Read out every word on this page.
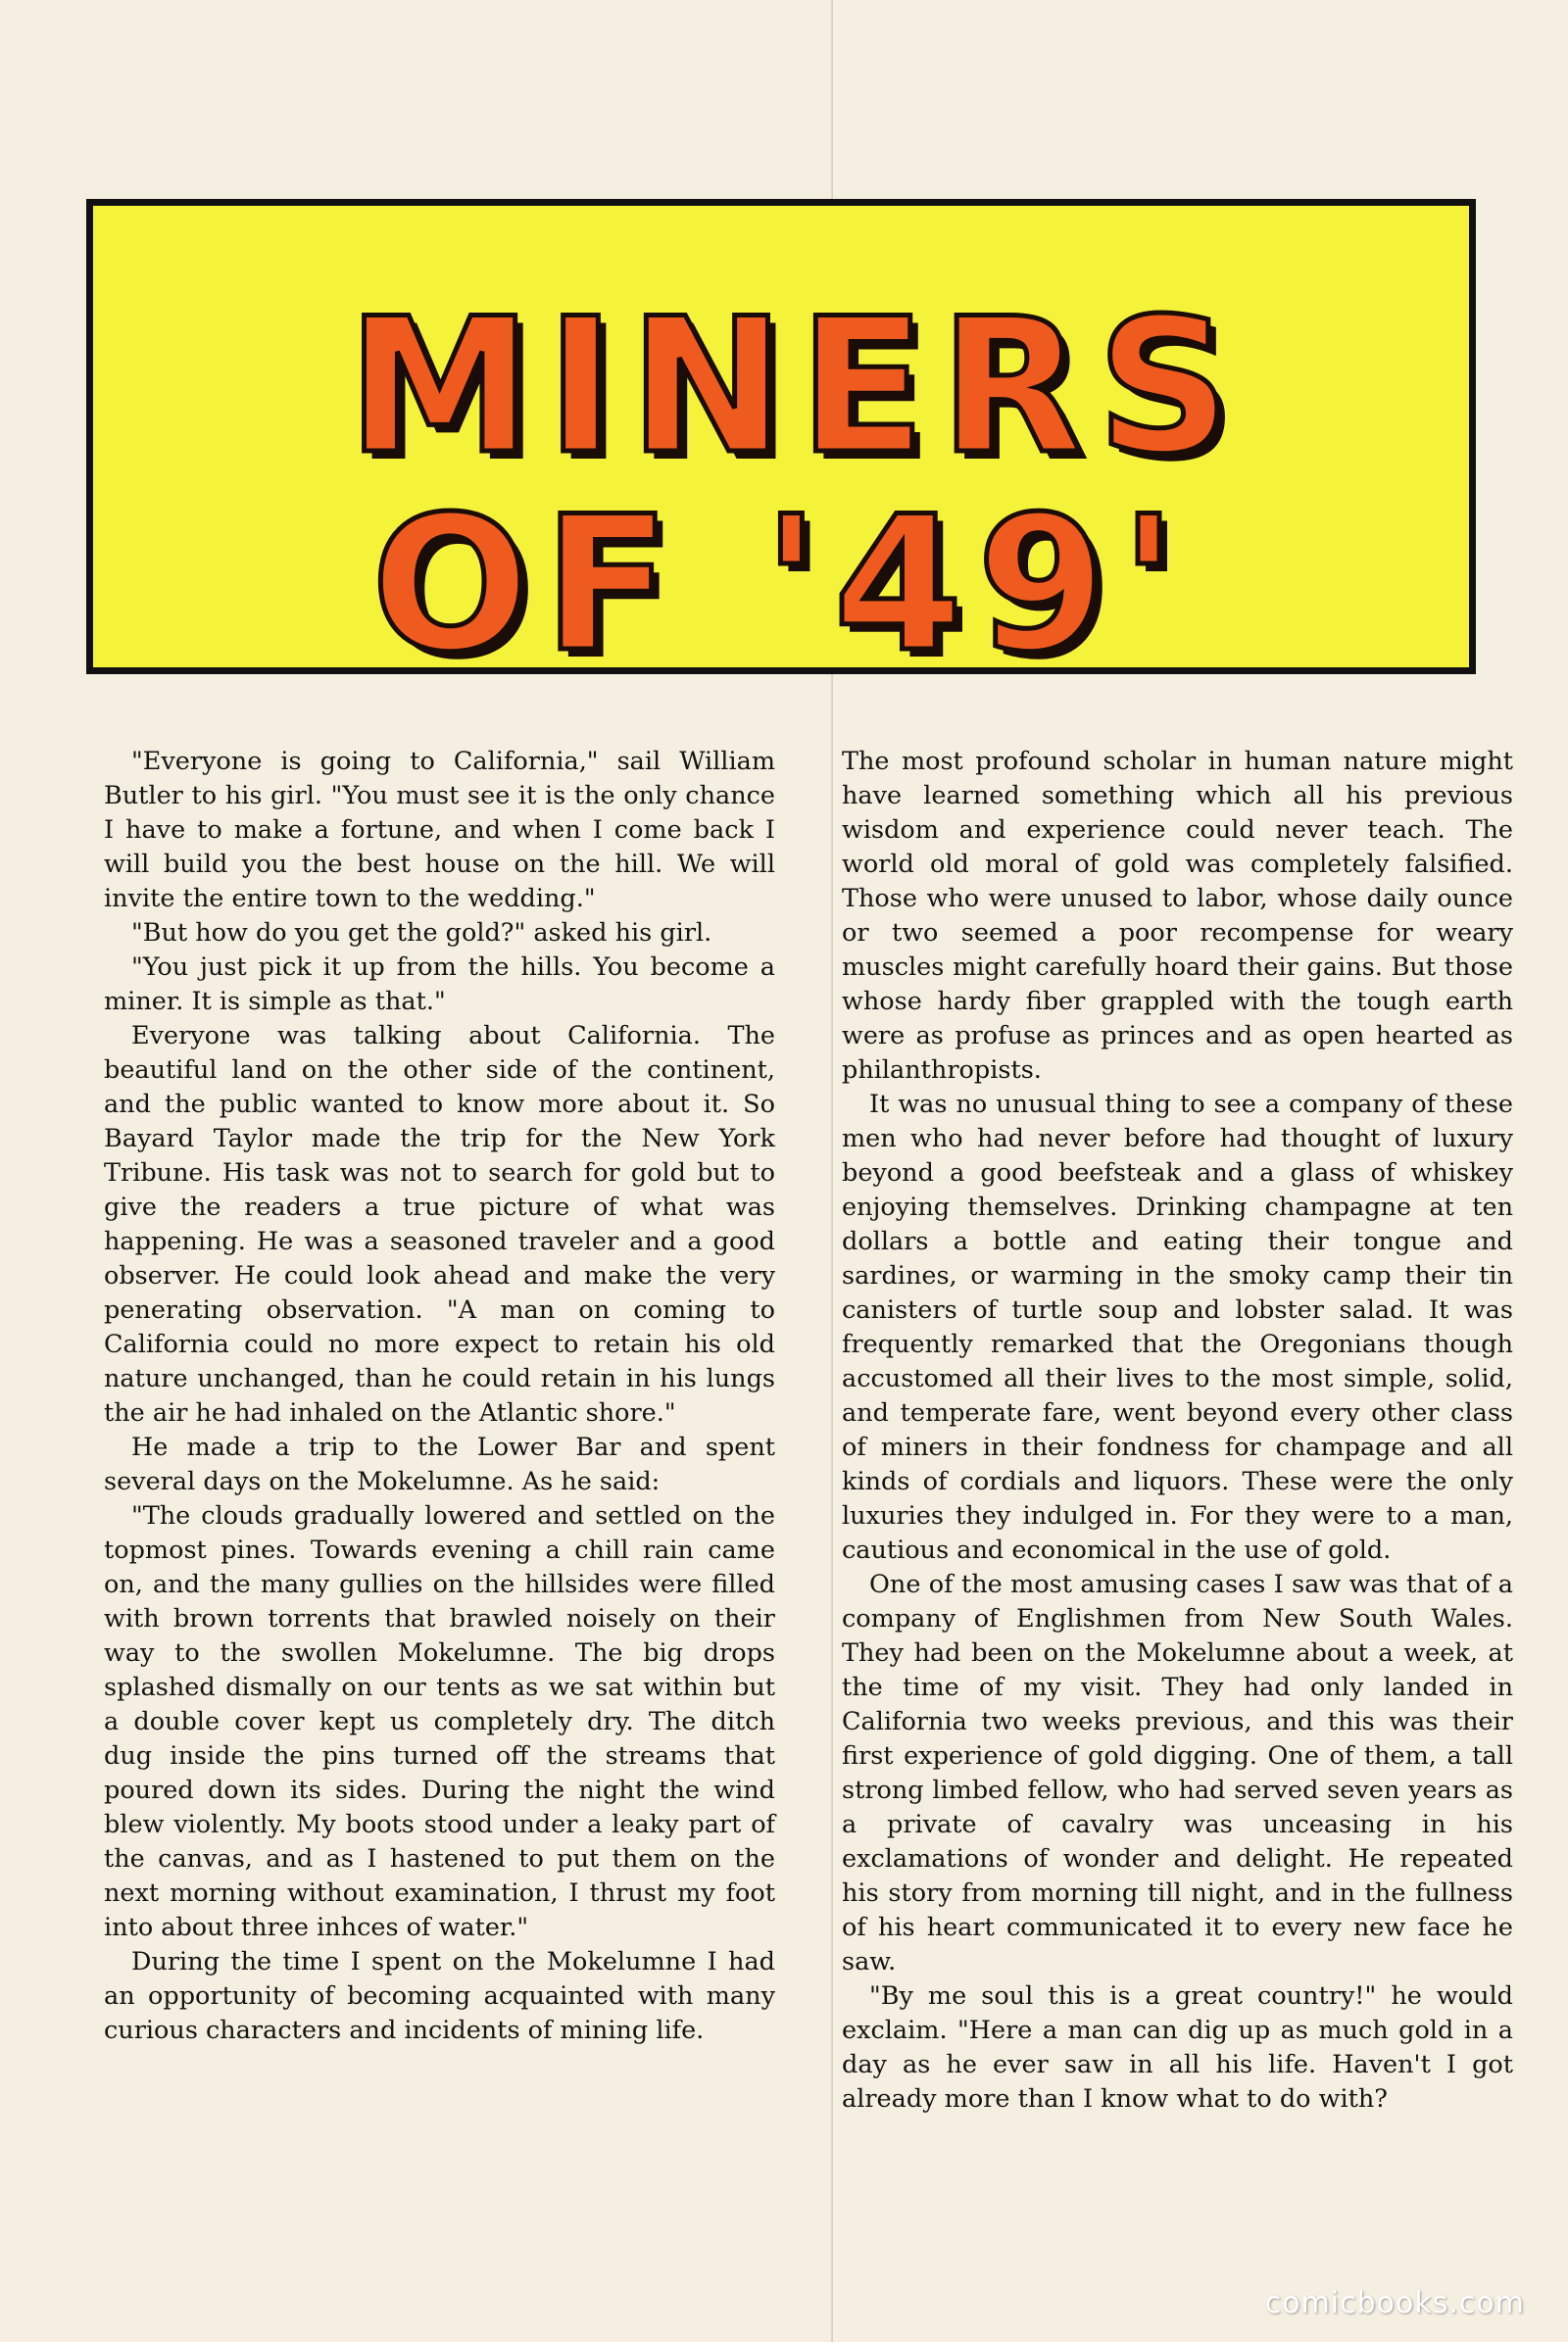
MINERS
OF '49'

"Everyone is going to California," sail William Butler to his girl. "You must see it is the only chance I have to make a fortune, and when I come back I will build you the best house on the hill. We will invite the entire town to the wedding."

"But how do you get the gold?" asked his girl.

"You just pick it up from the hills. You become a miner. It is simple as that."

Everyone was talking about California. The beautiful land on the other side of the continent, and the public wanted to know more about it. So Bayard Taylor made the trip for the New York Tribune. His task was not to search for gold but to give the readers a true picture of what was happening. He was a seasoned traveler and a good observer. He could look ahead and make the very penerating observation. "A man on coming to California could no more expect to retain his old nature unchanged, than he could retain in his lungs the air he had inhaled on the Atlantic shore."

He made a trip to the Lower Bar and spent several days on the Mokelumne. As he said:

"The clouds gradually lowered and settled on the topmost pines. Towards evening a chill rain came on, and the many gullies on the hillsides were filled with brown torrents that brawled noisely on their way to the swollen Mokelumne. The big drops splashed dismally on our tents as we sat within but a double cover kept us completely dry. The ditch dug inside the pins turned off the streams that poured down its sides. During the night the wind blew violently. My boots stood under a leaky part of the canvas, and as I hastened to put them on the next morning without examination, I thrust my foot into about three inhces of water."

During the time I spent on the Mokelumne I had an opportunity of becoming acquainted with many curious characters and incidents of mining life.

The most profound scholar in human nature might have learned something which all his previous wisdom and experience could never teach. The world old moral of gold was completely falsified. Those who were unused to labor, whose daily ounce or two seemed a poor recompense for weary muscles might carefully hoard their gains. But those whose hardy fiber grappled with the tough earth were as profuse as princes and as open hearted as philanthropists.

It was no unusual thing to see a company of these men who had never before had thought of luxury beyond a good beefsteak and a glass of whiskey enjoying themselves. Drinking champagne at ten dollars a bottle and eating their tongue and sardines, or warming in the smoky camp their tin canisters of turtle soup and lobster salad. It was frequently remarked that the Oregonians though accustomed all their lives to the most simple, solid, and temperate fare, went beyond every other class of miners in their fondness for champage and all kinds of cordials and liquors. These were the only luxuries they indulged in. For they were to a man, cautious and economical in the use of gold.

One of the most amusing cases I saw was that of a company of Englishmen from New South Wales. They had been on the Mokelumne about a week, at the time of my visit. They had only landed in California two weeks previous, and this was their first experience of gold digging. One of them, a tall strong limbed fellow, who had served seven years as a private of cavalry was unceasing in his exclamations of wonder and delight. He repeated his story from morning till night, and in the fullness of his heart communicated it to every new face he saw.

"By me soul this is a great country!" he would exclaim. "Here a man can dig up as much gold in a day as he ever saw in all his life. Haven't I got already more than I know what to do with?

comicbooks.com
